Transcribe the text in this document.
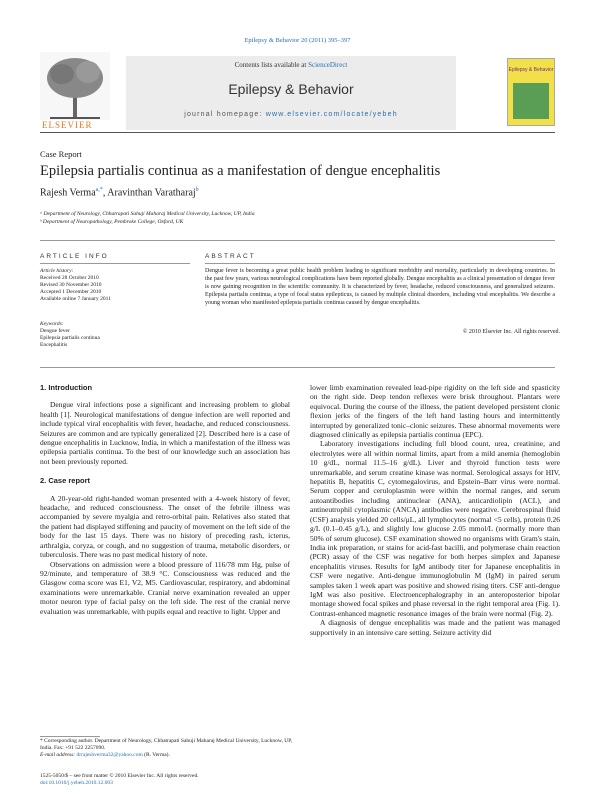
Epilepsy & Behavior 20 (2011) 395–397
ELSEVIER
Contents lists available at ScienceDirect
Epilepsy & Behavior
journal homepage: www.elsevier.com/locate/yebeh
Epilepsy & Behavior
Case Report
Epilepsia partialis continua as a manifestation of dengue encephalitis
Rajesh Verma$^{a,*}$, Aravinthan Varatharaj$^b$
ᵃ Department of Neurology, Chhatrapati Sahuji Maharaj Medical University, Lucknow, UP, India
ᵇ Department of Neuropathology, Pembroke College, Oxford, UK
ARTICLE INFO	ABSTRACT
Article history:
Received 28 October 2010
Revised 30 November 2010
Accepted 1 December 2010
Available online 7 January 2011
Keywords:
Dengue fever
Epilepsia partialis continua
Encephalitis
Dengue fever is becoming a great public health problem leading to significant morbidity and mortality, particularly in developing countries. In the past few years, various neurological complications have been reported globally. Dengue encephalitis as a clinical presentation of dengue fever is now gaining recognition in the scientific community. It is characterized by fever, headache, reduced consciousness, and generalized seizures. Epilepsia partialis continua, a type of focal status epilepticus, is caused by multiple clinical disorders, including viral encephalitis. We describe a young woman who manifested epilepsia partialis continua caused by dengue encephalitis.
© 2010 Elsevier Inc. All rights reserved.
1. Introduction

Dengue viral infections pose a significant and increasing problem to global health [1]. Neurological manifestations of dengue infection are well reported and include typical viral encephalitis with fever, headache, and reduced consciousness. Seizures are common and are typically generalized [2]. Described here is a case of dengue encephalitis in Lucknow, India, in which a manifestation of the illness was epilepsia partialis continua. To the best of our knowledge such an association has not been previously reported.

2. Case report

A 20-year-old right-handed woman presented with a 4-week history of fever, headache, and reduced consciousness. The onset of the febrile illness was accompanied by severe myalgia and retro-orbital pain. Relatives also stated that the patient had displayed stiffening and paucity of movement on the left side of the body for the last 15 days. There was no history of preceding rash, icterus, arthralgia, coryza, or cough, and no suggestion of trauma, metabolic disorders, or tuberculosis. There was no past medical history of note.

Observations on admission were a blood pressure of 116/78 mm Hg, pulse of 92/minute, and temperature of 38.9 °C. Consciousness was reduced and the Glasgow coma score was E1, V2, M5. Cardiovascular, respiratory, and abdominal examinations were unremarkable. Cranial nerve examination revealed an upper motor neuron type of facial palsy on the left side. The rest of the cranial nerve evaluation was unremarkable, with pupils equal and reactive to light. Upper and

lower limb examination revealed lead-pipe rigidity on the left side and spasticity on the right side. Deep tendon reflexes were brisk throughout. Plantars were equivocal. During the course of the illness, the patient developed persistent clonic flexion jerks of the fingers of the left hand lasting hours and intermittently interrupted by generalized tonic–clonic seizures. These abnormal movements were diagnosed clinically as epilepsia partialis continua (EPC).

Laboratory investigations including full blood count, urea, creatinine, and electrolytes were all within normal limits, apart from a mild anemia (hemoglobin 10 g/dL, normal 11.5–16 g/dL). Liver and thyroid function tests were unremarkable, and serum creatine kinase was normal. Serological assays for HIV, hepatitis B, hepatitis C, cytomegalovirus, and Epstein–Barr virus were normal. Serum copper and ceruloplasmin were within the normal ranges, and serum autoantibodies including antinuclear (ANA), anticardiolipin (ACL), and antineutrophil cytoplasmic (ANCA) antibodies were negative. Cerebrospinal fluid (CSF) analysis yielded 20 cells/μL, all lymphocytes (normal <5 cells), protein 0.26 g/L (0.1–0.45 g/L), and slightly low glucose 2.05 mmol/L (normally more than 50% of serum glucose). CSF examination showed no organisms with Gram's stain, India ink preparation, or stains for acid-fast bacilli, and polymerase chain reaction (PCR) assay of the CSF was negative for both herpes simplex and Japanese encephalitis viruses. Results for IgM antibody titer for Japanese encephalitis in CSF were negative. Anti-dengue immunoglobulin M (IgM) in paired serum samples taken 1 week apart was positive and showed rising titers. CSF anti-dengue IgM was also positive. Electroencephalography in an anteroposterior bipolar montage showed focal spikes and phase reversal in the right temporal area (Fig. 1). Contrast-enhanced magnetic resonance images of the brain were normal (Fig. 2).

A diagnosis of dengue encephalitis was made and the patient was managed supportively in an intensive care setting. Seizure activity did

* Corresponding author. Department of Neurology, Chhatrapati Sahuji Maharaj Medical University, Lucknow, UP, India. Fax: +91 522 2257090.
E-mail address: drrajeshverma32@yahoo.com (R. Verma).
1525-5050/$ – see front matter © 2010 Elsevier Inc. All rights reserved.
doi:10.1016/j.yebeh.2010.12.003
